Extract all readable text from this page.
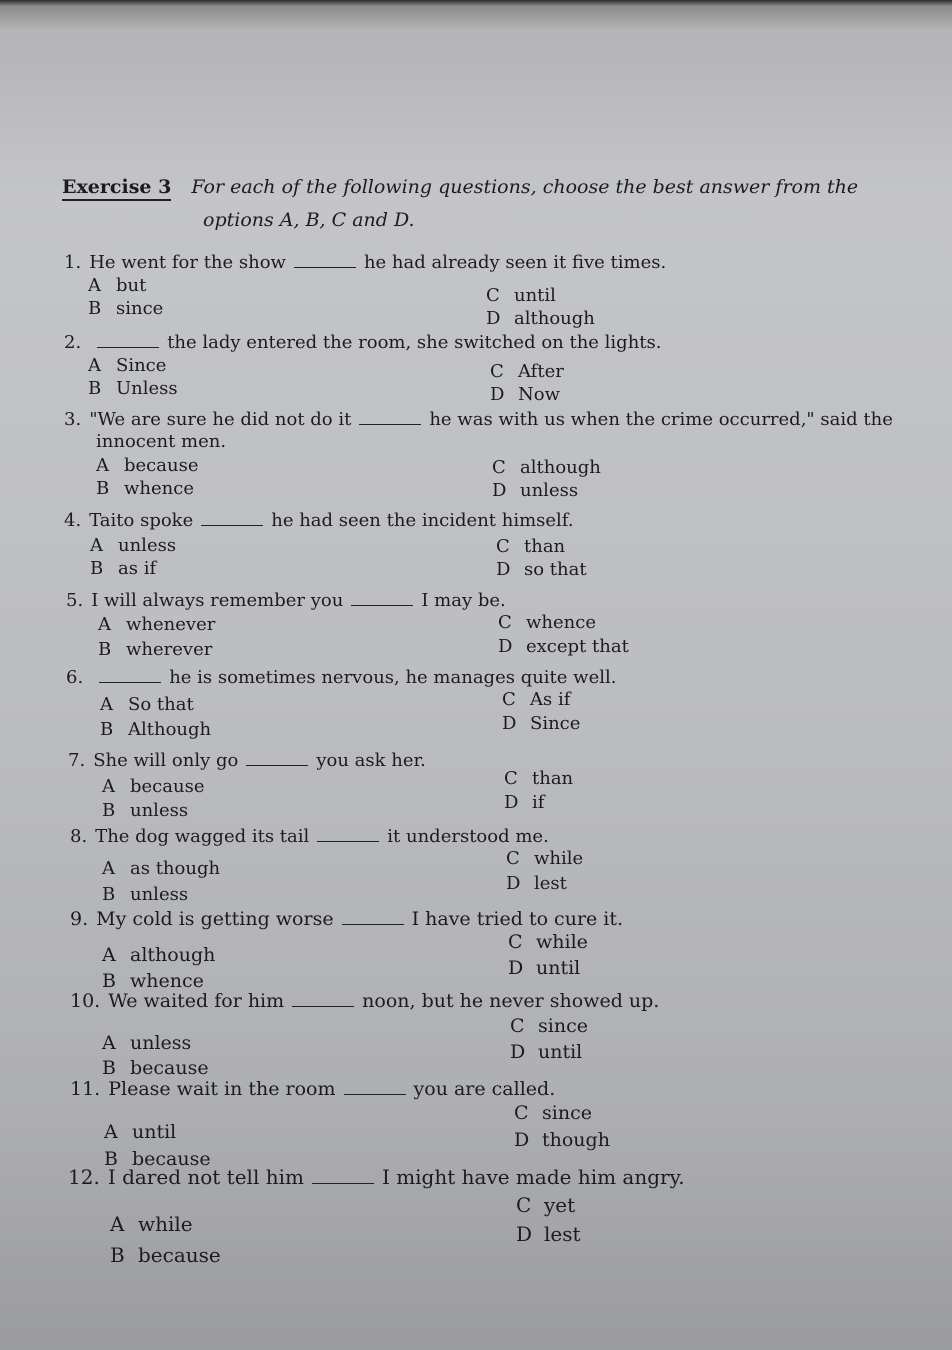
Exercise 3 For each of the following questions, choose the best answer from the
options A, B, C and D.
1. He went for the show	he had already seen it five times.
A but
B since
C until
D although
2.	the lady entered the room, she switched on the lights.
A Since
B Unless
C After
D Now
3. "We are sure he did not do it	he was with us when the crime occurred," said the
innocent men.
A because
B whence
C although
D unless
4. Taito spoke	he had seen the incident himself.
A unless
B as if
C than
D so that
5. I will always remember you	I may be.
A whenever
B wherever
C whence
D except that
6.	he is sometimes nervous, he manages quite well.
A So that
B Although
C As if
D Since
7. She will only go	you ask her.
A because
B unless
C than
D if
8. The dog wagged its tail	it understood me.
A as though
B unless
C while
D lest
9. My cold is getting worse	I have tried to cure it.
A although
B whence
C while
D until
10. We waited for him	noon, but he never showed up.
A unless
B because
C since
D until
11. Please wait in the room	you are called.
A until
B because
C since
D though
12. I dared not tell him	I might have made him angry.
A while
B because
C yet
D lest
